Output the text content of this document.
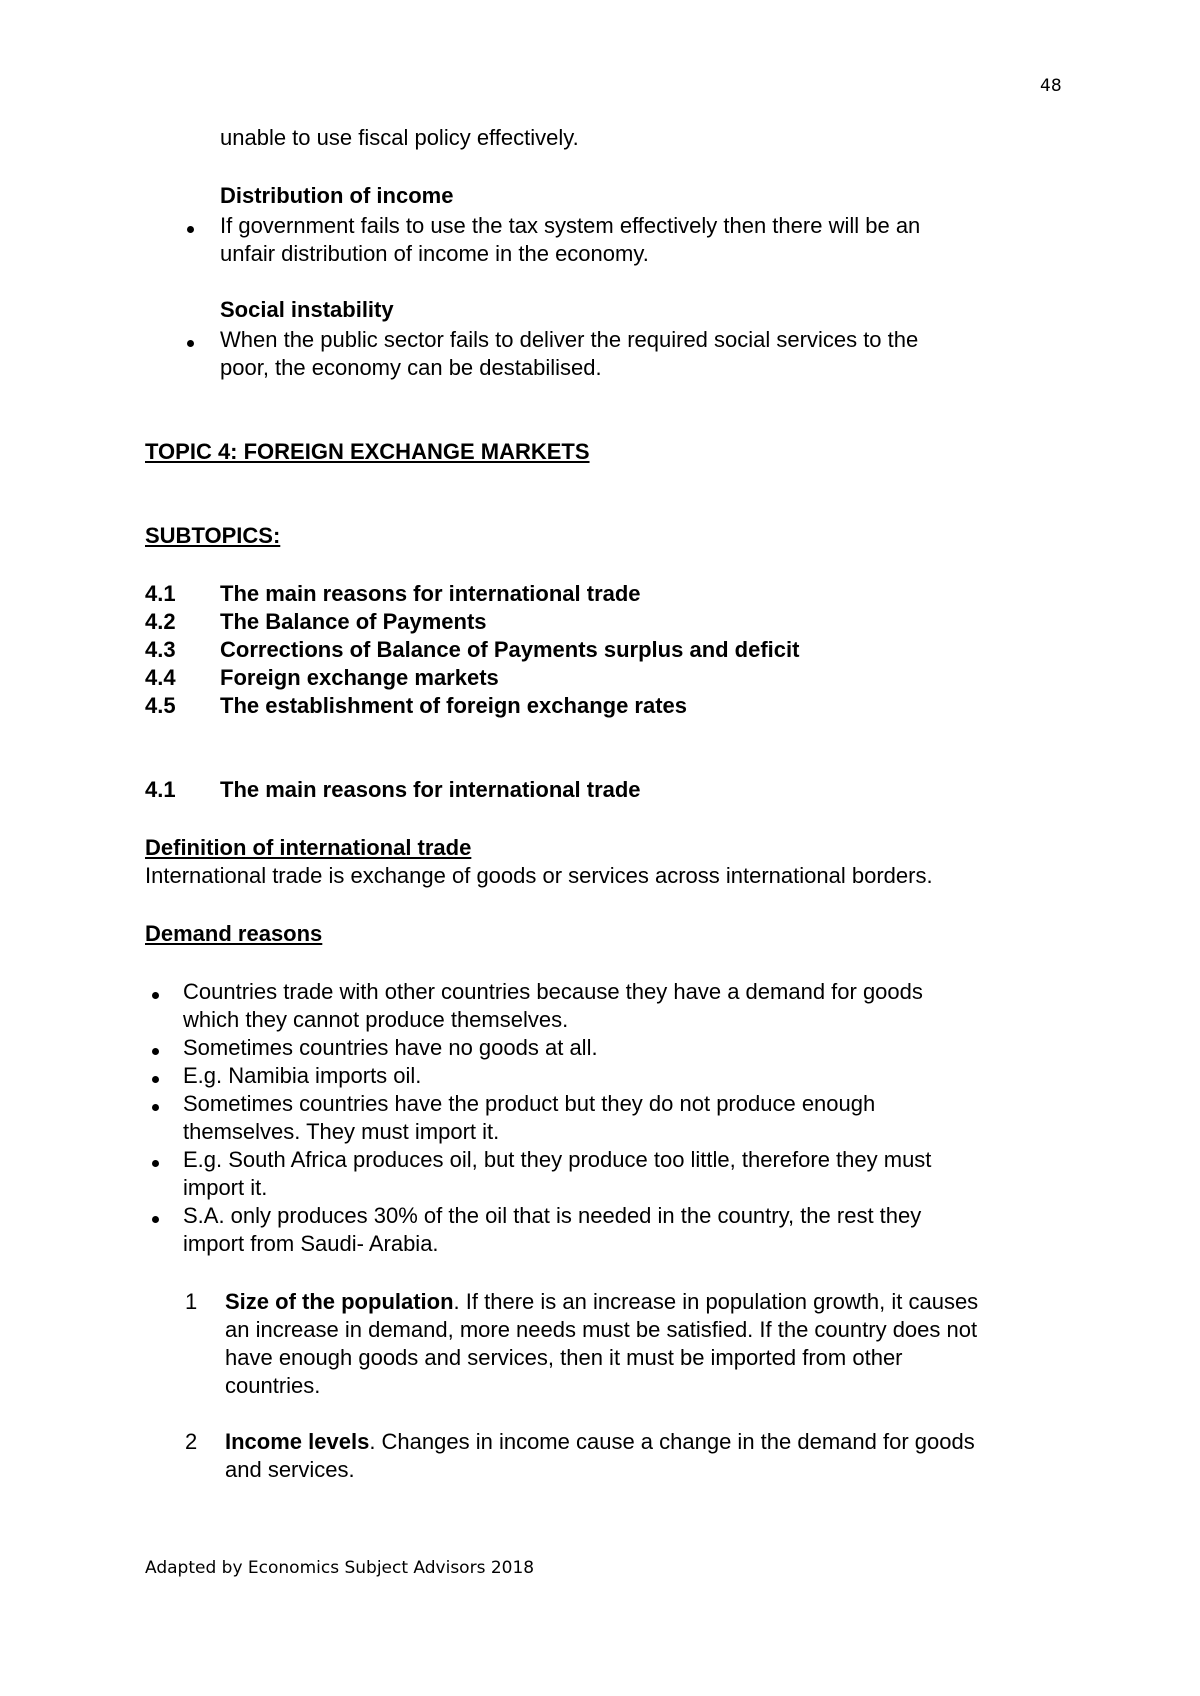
48
unable to use fiscal policy effectively.
Distribution of income
If government fails to use the tax system effectively then there will be an
unfair distribution of income in the economy.
Social instability
When the public sector fails to deliver the required social services to the
poor, the economy can be destabilised.
TOPIC 4: FOREIGN EXCHANGE MARKETS
SUBTOPICS:
4.1 The main reasons for international trade
4.2 The Balance of Payments
4.3 Corrections of Balance of Payments surplus and deficit
4.4 Foreign exchange markets
4.5 The establishment of foreign exchange rates
4.1 The main reasons for international trade
Definition of international trade
International trade is exchange of goods or services across international borders.
Demand reasons
Countries trade with other countries because they have a demand for goods
which they cannot produce themselves.
Sometimes countries have no goods at all.
E.g. Namibia imports oil.
Sometimes countries have the product but they do not produce enough
themselves. They must import it.
E.g. South Africa produces oil, but they produce too little, therefore they must
import it.
S.A. only produces 30% of the oil that is needed in the country, the rest they
import from Saudi- Arabia.
1 Size of the population. If there is an increase in population growth, it causes
an increase in demand, more needs must be satisfied. If the country does not
have enough goods and services, then it must be imported from other
countries.
2 Income levels. Changes in income cause a change in the demand for goods
and services.
Adapted by Economics Subject Advisors 2018
